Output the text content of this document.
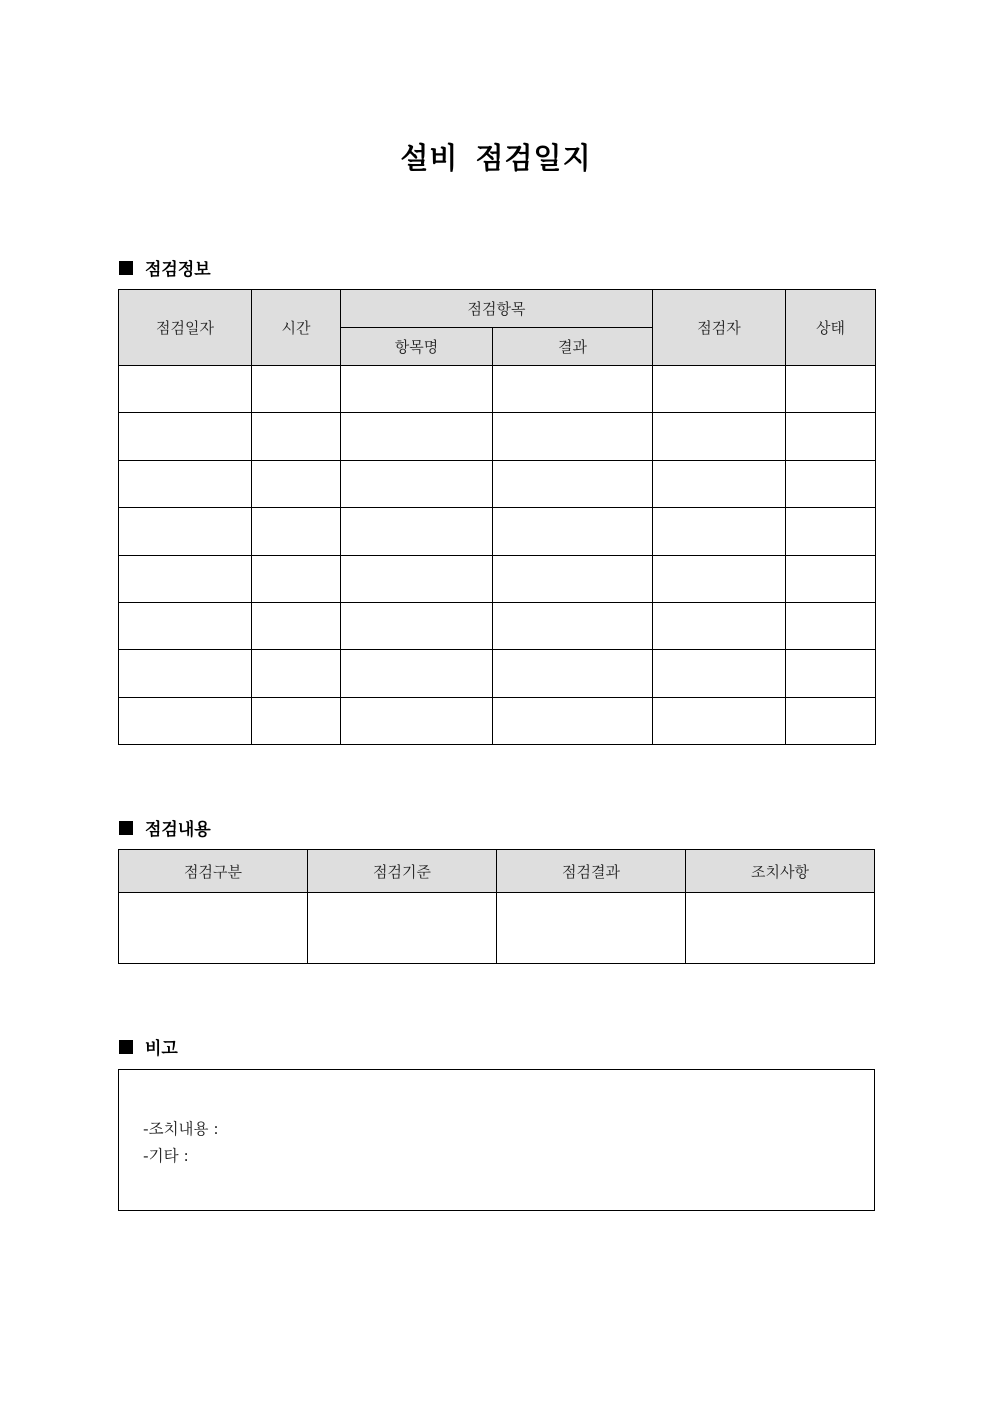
설비 점검일지
점검정보
점검일자	시간	점검항목		점검자	상태
		항목명	결과		

점검내용
점검구분	점검기준	점검결과	조치사항

비고
-조치내용 :
-기타 :
